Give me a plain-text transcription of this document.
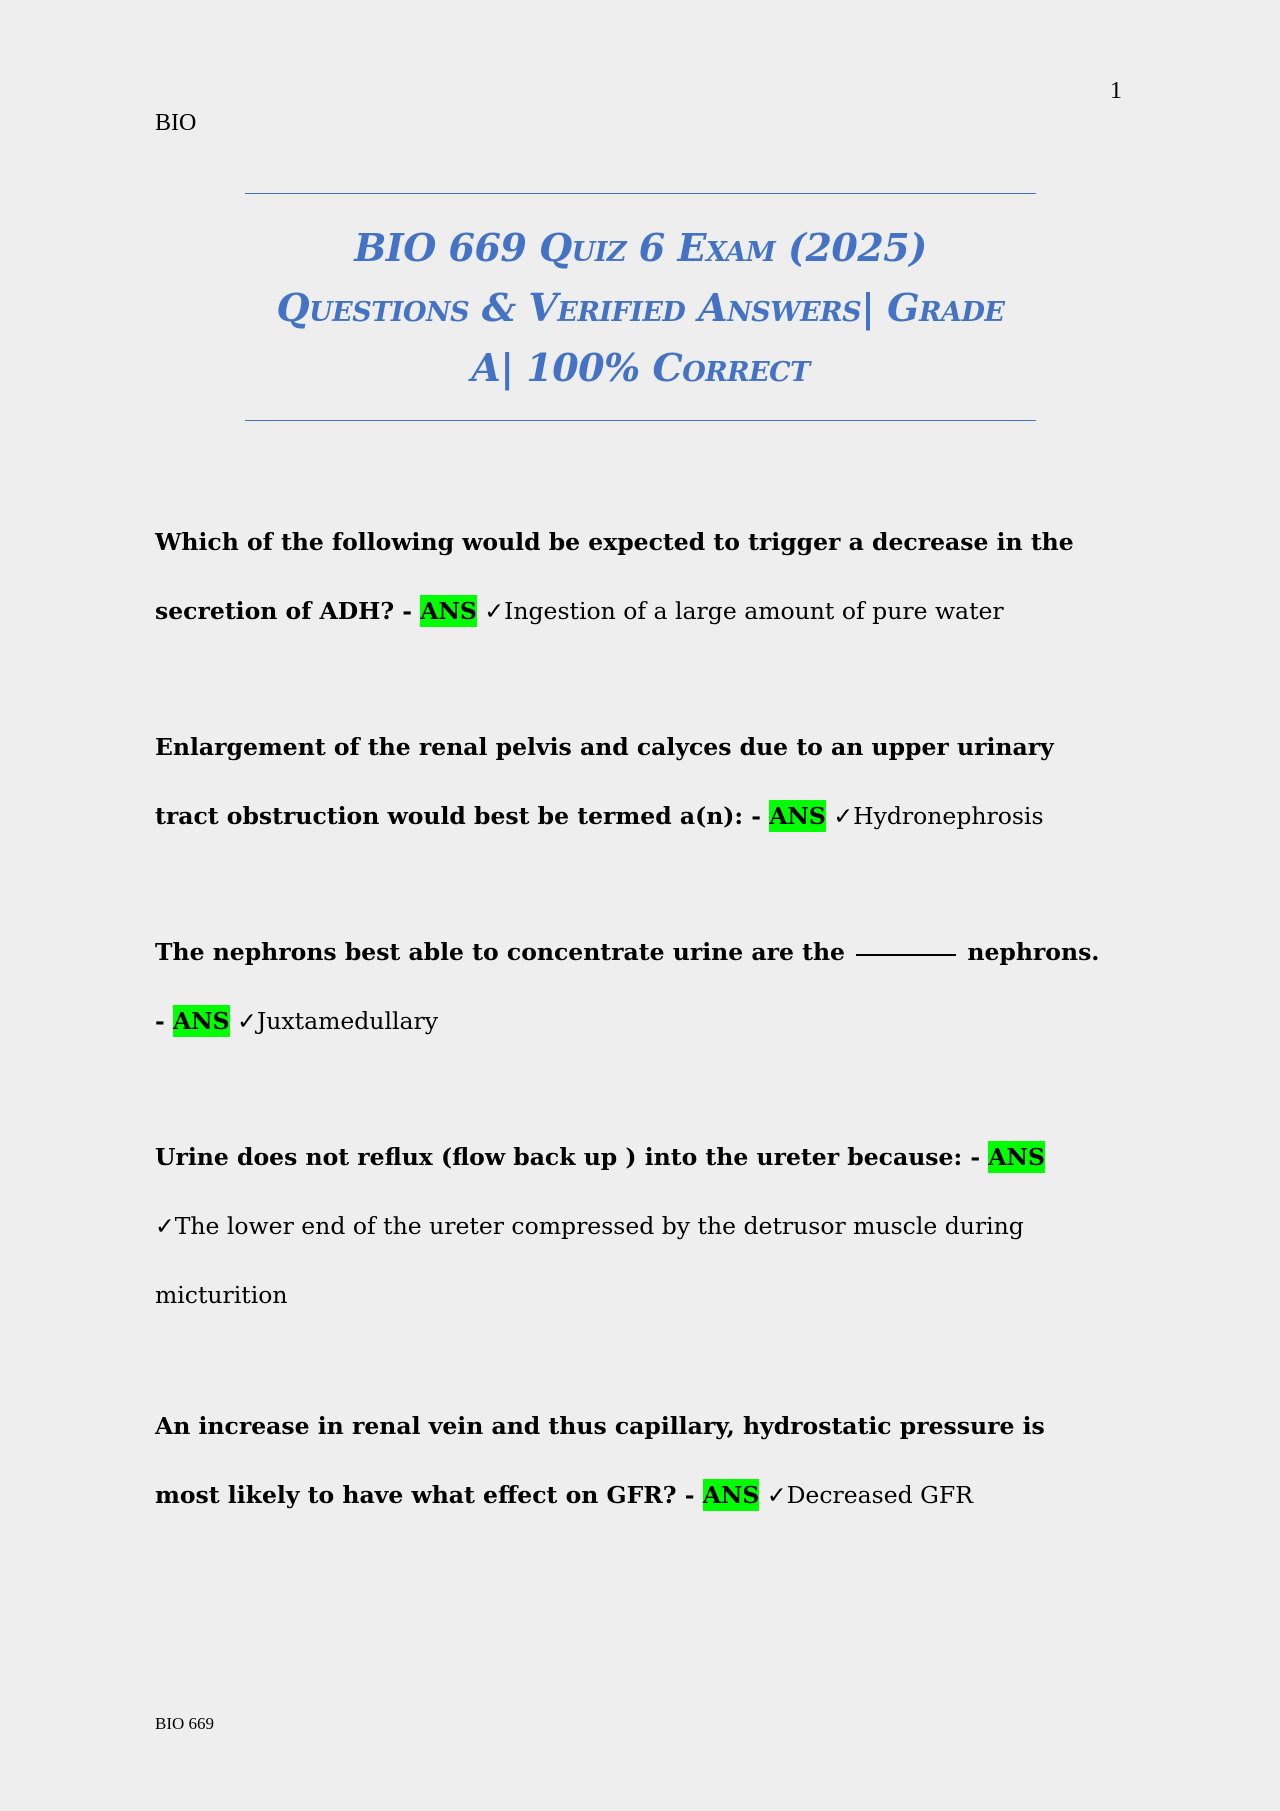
1
BIO
BIO 669 Quiz 6 Exam (2025)
Questions & Verified Answers| Grade
A| 100% Correct
Which of the following would be expected to trigger a decrease in the secretion of ADH? - ANS ✓Ingestion of a large amount of pure water
Enlargement of the renal pelvis and calyces due to an upper urinary tract obstruction would best be termed a(n): - ANS ✓Hydronephrosis
The nephrons best able to concentrate urine are the	nephrons. - ANS ✓Juxtamedullary
Urine does not reflux (flow back up ) into the ureter because: - ANS ✓The lower end of the ureter compressed by the detrusor muscle during micturition
An increase in renal vein and thus capillary, hydrostatic pressure is most likely to have what effect on GFR? - ANS ✓Decreased GFR
BIO 669
